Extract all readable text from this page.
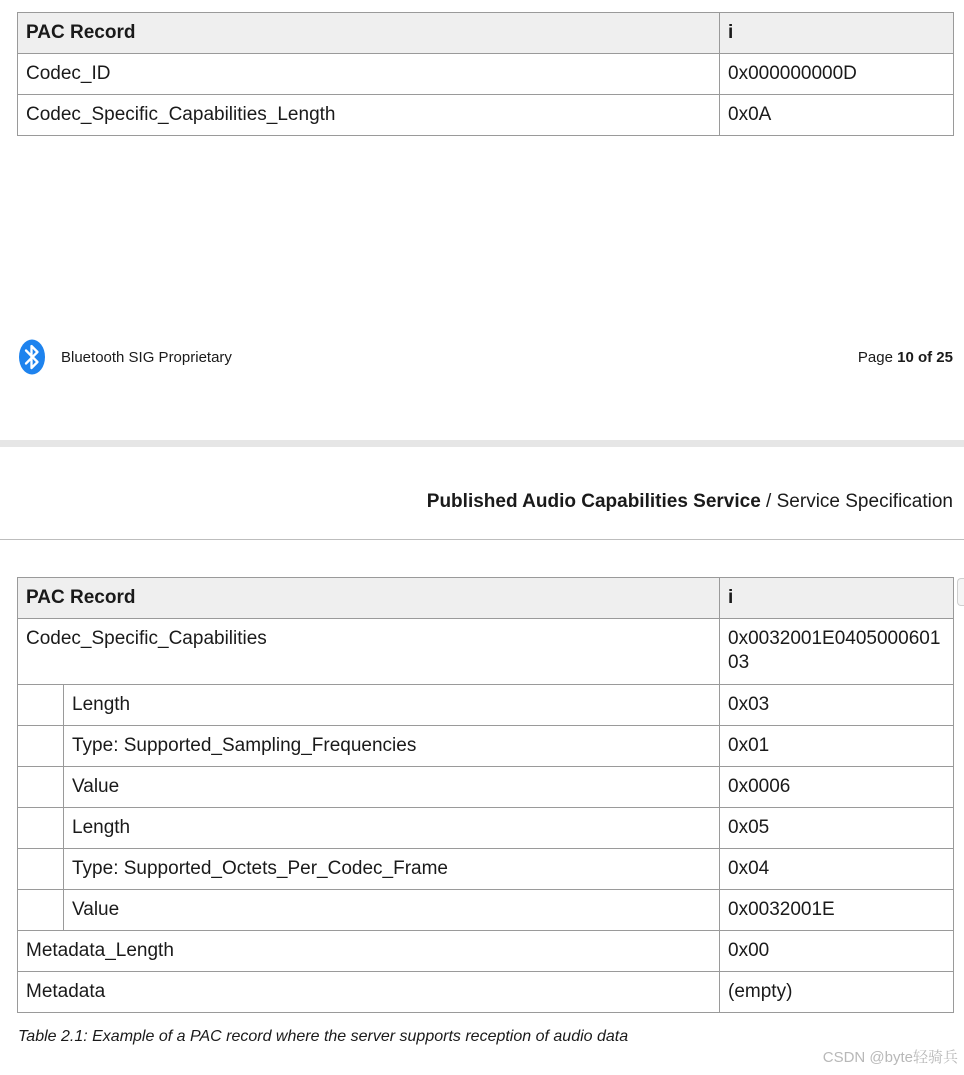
PAC Record	i
Codec_ID	0x000000000D
Codec_Specific_Capabilities_Length	0x0A
Bluetooth SIG Proprietary	Page 10 of 25
Published Audio Capabilities Service / Service Specification
PAC Record		i
Codec_Specific_Capabilities		0x0032001E040500060103
	Length	0x03
	Type: Supported_Sampling_Frequencies	0x01
	Value	0x0006
	Length	0x05
	Type: Supported_Octets_Per_Codec_Frame	0x04
	Value	0x0032001E
Metadata_Length		0x00
Metadata		(empty)
Table 2.1: Example of a PAC record where the server supports reception of audio data
CSDN @byte轻骑兵
